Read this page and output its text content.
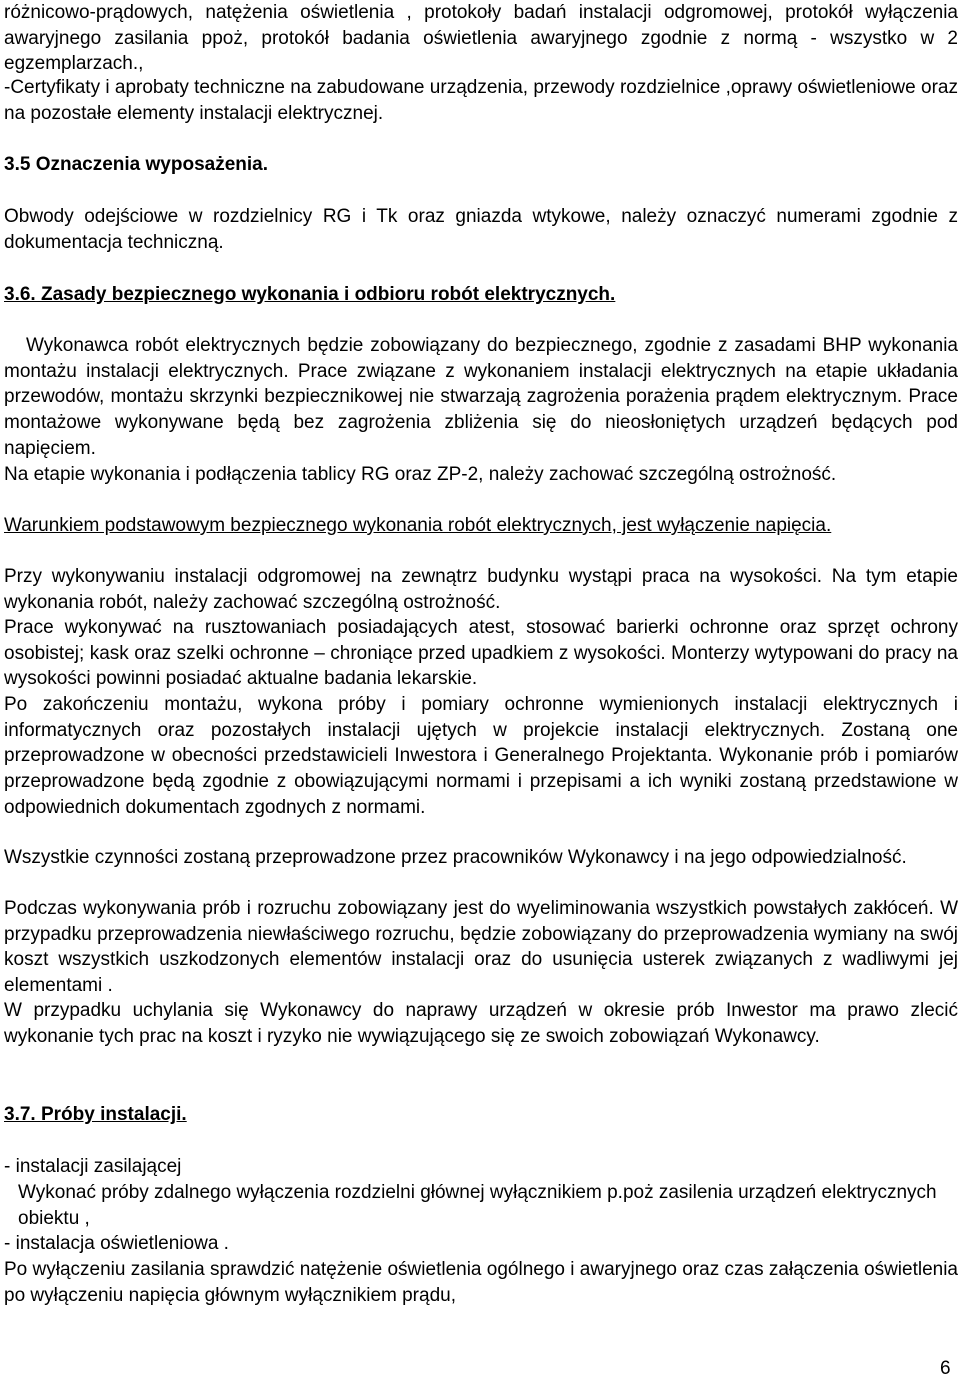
różnicowo-prądowych, natężenia oświetlenia , protokoły badań instalacji odgromowej, protokół wyłączenia awaryjnego zasilania ppoż, protokół badania oświetlenia awaryjnego zgodnie z normą - wszystko w 2 egzemplarzach.,

-Certyfikaty i aprobaty techniczne na zabudowane urządzenia, przewody rozdzielnice ,oprawy oświetleniowe oraz na pozostałe elementy instalacji elektrycznej.

3.5 Oznaczenia wyposażenia.

Obwody odejściowe w rozdzielnicy RG i Tk oraz gniazda wtykowe, należy oznaczyć numerami zgodnie z dokumentacja techniczną.

3.6. Zasady bezpiecznego wykonania i odbioru robót elektrycznych.

Wykonawca robót elektrycznych będzie zobowiązany do bezpiecznego, zgodnie z zasadami BHP wykonania montażu instalacji elektrycznych. Prace związane z wykonaniem instalacji elektrycznych na etapie układania przewodów, montażu skrzynki bezpiecznikowej nie stwarzają zagrożenia porażenia prądem elektrycznym. Prace montażowe wykonywane będą bez zagrożenia zbliżenia się do nieosłoniętych urządzeń będących pod napięciem.

Na etapie wykonania i podłączenia tablicy RG oraz ZP-2, należy zachować szczególną ostrożność.

Warunkiem podstawowym bezpiecznego wykonania robót elektrycznych, jest wyłączenie napięcia.

Przy wykonywaniu instalacji odgromowej na zewnątrz budynku wystąpi praca na wysokości. Na tym etapie wykonania robót, należy zachować szczególną ostrożność.

Prace wykonywać na rusztowaniach posiadających atest, stosować barierki ochronne oraz sprzęt ochrony osobistej; kask oraz szelki ochronne – chroniące przed upadkiem z wysokości. Monterzy wytypowani do pracy na wysokości powinni posiadać aktualne badania lekarskie.

Po zakończeniu montażu, wykona próby i pomiary ochronne wymienionych instalacji elektrycznych i informatycznych oraz pozostałych instalacji ujętych w projekcie instalacji elektrycznych. Zostaną one przeprowadzone w obecności przedstawicieli Inwestora i Generalnego Projektanta. Wykonanie prób i pomiarów przeprowadzone będą zgodnie z obowiązującymi normami i przepisami a ich wyniki zostaną przedstawione w odpowiednich dokumentach zgodnych z normami.

Wszystkie czynności zostaną przeprowadzone przez pracowników Wykonawcy i na jego odpowiedzialność.

Podczas wykonywania prób i rozruchu zobowiązany jest do wyeliminowania wszystkich powstałych zakłóceń. W przypadku przeprowadzenia niewłaściwego rozruchu, będzie zobowiązany do przeprowadzenia wymiany na swój koszt wszystkich uszkodzonych elementów instalacji oraz do usunięcia usterek związanych z wadliwymi jej elementami .

W przypadku uchylania się Wykonawcy do naprawy urządzeń w okresie prób Inwestor ma prawo zlecić wykonanie tych prac na koszt i ryzyko nie wywiązującego się ze swoich zobowiązań Wykonawcy.

3.7. Próby instalacji.

- instalacji zasilającej

Wykonać próby zdalnego wyłączenia rozdzielni głównej wyłącznikiem p.poż zasilenia urządzeń elektrycznych obiektu ,

- instalacja oświetleniowa .

Po wyłączeniu zasilania sprawdzić natężenie oświetlenia ogólnego i awaryjnego oraz czas załączenia oświetlenia po wyłączeniu napięcia głównym wyłącznikiem prądu,

6
